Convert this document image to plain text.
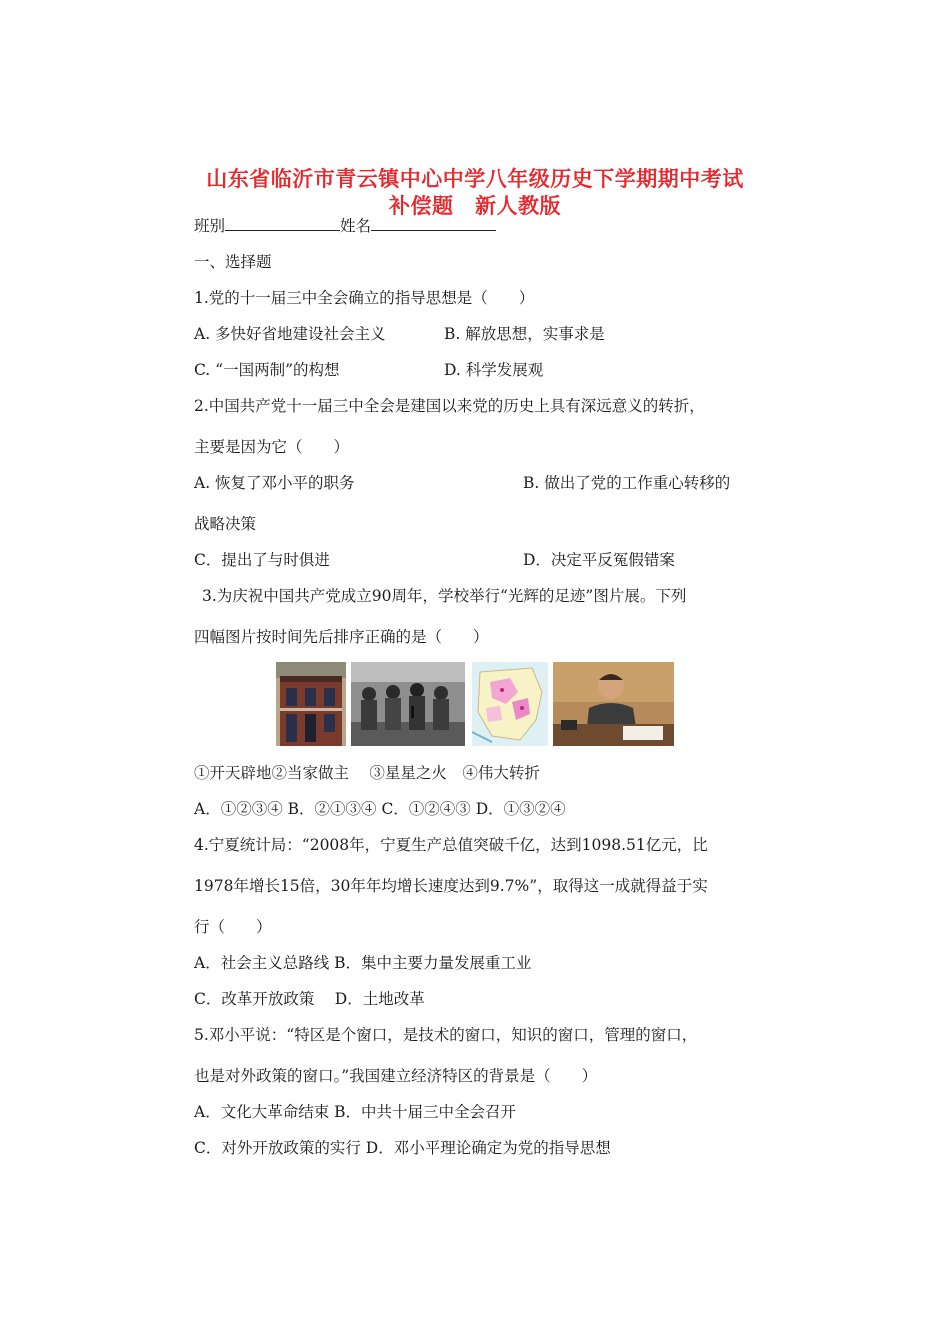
山东省临沂市青云镇中心中学八年级历史下学期期中考试
补偿题　新人教版
班别	姓名
一、选择题
1.党的十一届三中全会确立的指导思想是（　　）
A. 多快好省地建设社会主义	B. 解放思想，实事求是
C. “一国两制”的构想	D. 科学发展观
2.中国共产党十一届三中全会是建国以来党的历史上具有深远意义的转折，
主要是因为它（　　）
A. 恢复了邓小平的职务	B. 做出了党的工作重心转移的
战略决策
C．提出了与时俱进	D．决定平反冤假错案
3.为庆祝中国共产党成立90周年，学校举行“光辉的足迹”图片展。下列
四幅图片按时间先后排序正确的是（　　）
①开天辟地②当家做主　 ③星星之火　④伟大转折
A．①②③④ B．②①③④ C．①②④③ D．①③②④
4.宁夏统计局：“2008年，宁夏生产总值突破千亿，达到1098.51亿元，比
1978年增长15倍，30年年均增长速度达到9.7%”，取得这一成就得益于实
行（　　）
A．社会主义总路线 B．集中主要力量发展重工业
C．改革开放政策　 D．土地改革
5.邓小平说：“特区是个窗口，是技术的窗口，知识的窗口，管理的窗口，
也是对外政策的窗口。”我国建立经济特区的背景是（　　）
A．文化大革命结束 B．中共十届三中全会召开
C．对外开放政策的实行 D．邓小平理论确定为党的指导思想
